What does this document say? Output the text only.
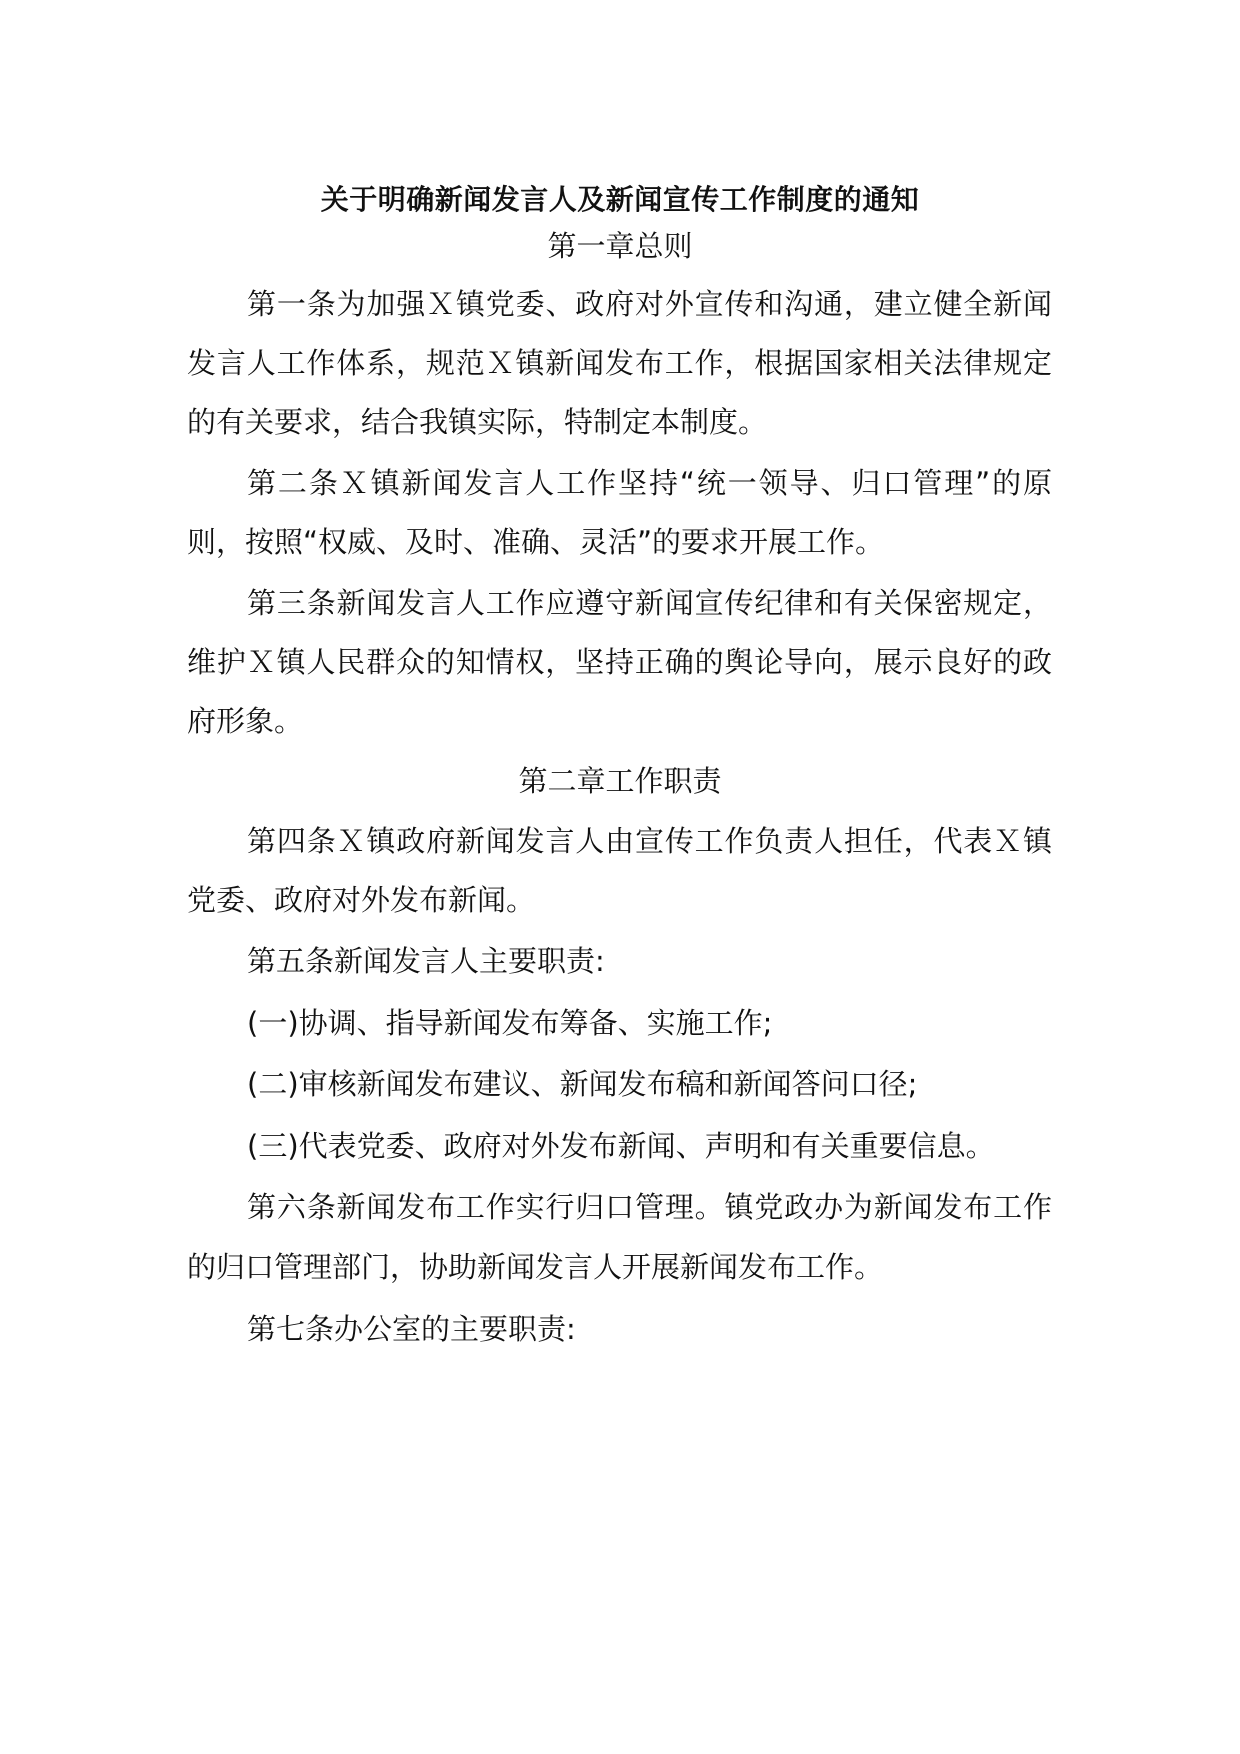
关于明确新闻发言人及新闻宣传工作制度的通知
第一章总则
第一条为加强Ｘ镇党委、政府对外宣传和沟通，建立健全新闻
发言人工作体系，规范Ｘ镇新闻发布工作，根据国家相关法律规定
的有关要求，结合我镇实际，特制定本制度。
第二条Ｘ镇新闻发言人工作坚持“统一领导、归口管理”的原
则，按照“权威、及时、准确、灵活”的要求开展工作。
第三条新闻发言人工作应遵守新闻宣传纪律和有关保密规定，
维护Ｘ镇人民群众的知情权，坚持正确的舆论导向，展示良好的政
府形象。
第二章工作职责
第四条Ｘ镇政府新闻发言人由宣传工作负责人担任，代表Ｘ镇
党委、政府对外发布新闻。
第五条新闻发言人主要职责:
(一)协调、指导新闻发布筹备、实施工作;
(二)审核新闻发布建议、新闻发布稿和新闻答问口径;
(三)代表党委、政府对外发布新闻、声明和有关重要信息。
第六条新闻发布工作实行归口管理。镇党政办为新闻发布工作
的归口管理部门，协助新闻发言人开展新闻发布工作。
第七条办公室的主要职责:
